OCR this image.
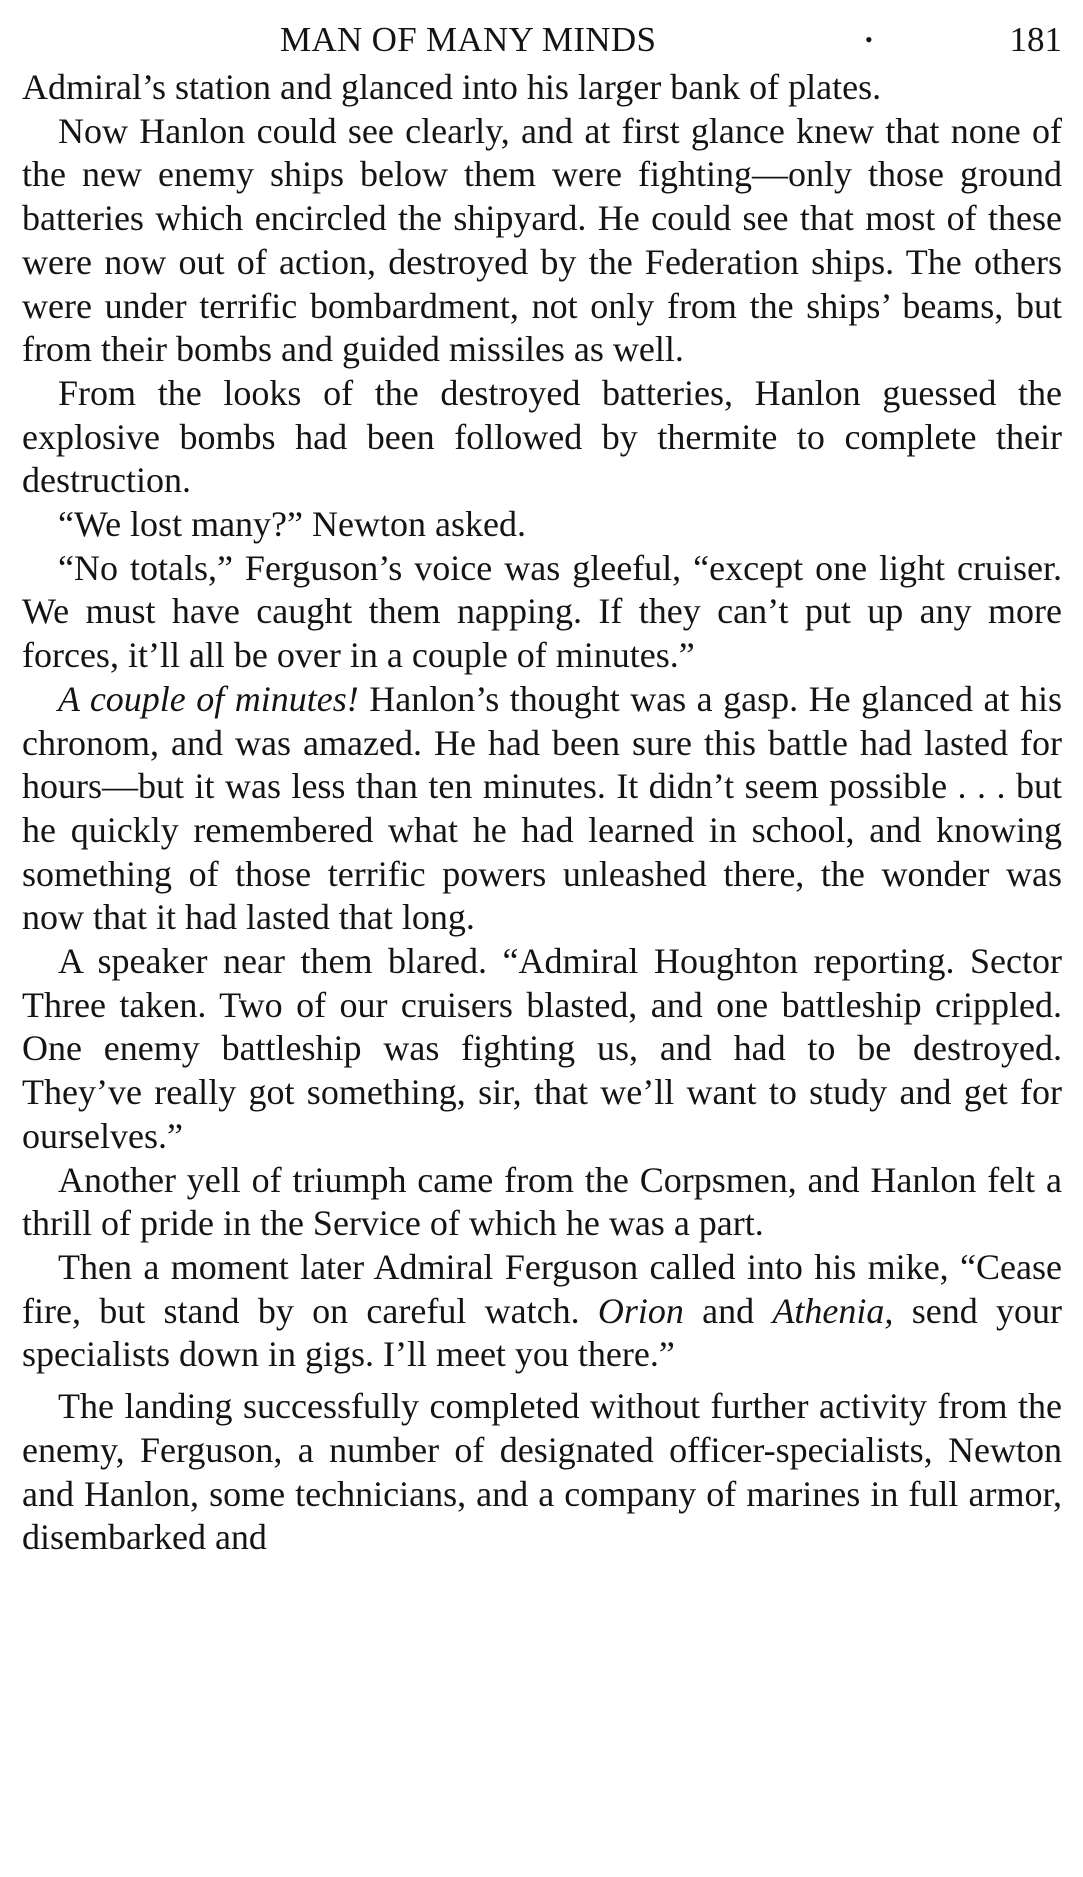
MAN OF MANY MINDS	•	181

Admiral’s station and glanced into his larger bank of plates.

Now Hanlon could see clearly, and at first glance knew that none of the new enemy ships below them were fighting—only those ground batteries which encircled the shipyard. He could see that most of these were now out of action, destroyed by the Federation ships. The others were under terrific bombardment, not only from the ships’ beams, but from their bombs and guided missiles as well.

From the looks of the destroyed batteries, Hanlon guessed the explosive bombs had been followed by thermite to complete their destruction.

“We lost many?” Newton asked.

“No totals,” Ferguson’s voice was gleeful, “except one light cruiser. We must have caught them napping. If they can’t put up any more forces, it’ll all be over in a couple of minutes.”

A couple of minutes! Hanlon’s thought was a gasp. He glanced at his chronom, and was amazed. He had been sure this battle had lasted for hours—but it was less than ten minutes. It didn’t seem possible . . . but he quickly remembered what he had learned in school, and knowing something of those terrific powers unleashed there, the wonder was now that it had lasted that long.

A speaker near them blared. “Admiral Houghton reporting. Sector Three taken. Two of our cruisers blasted, and one battleship crippled. One enemy battleship was fighting us, and had to be destroyed. They’ve really got something, sir, that we’ll want to study and get for ourselves.”

Another yell of triumph came from the Corpsmen, and Hanlon felt a thrill of pride in the Service of which he was a part.

Then a moment later Admiral Ferguson called into his mike, “Cease fire, but stand by on careful watch. Orion and Athenia, send your specialists down in gigs. I’ll meet you there.”

The landing successfully completed without further activity from the enemy, Ferguson, a number of designated officer-specialists, Newton and Hanlon, some technicians, and a company of marines in full armor, disembarked and
